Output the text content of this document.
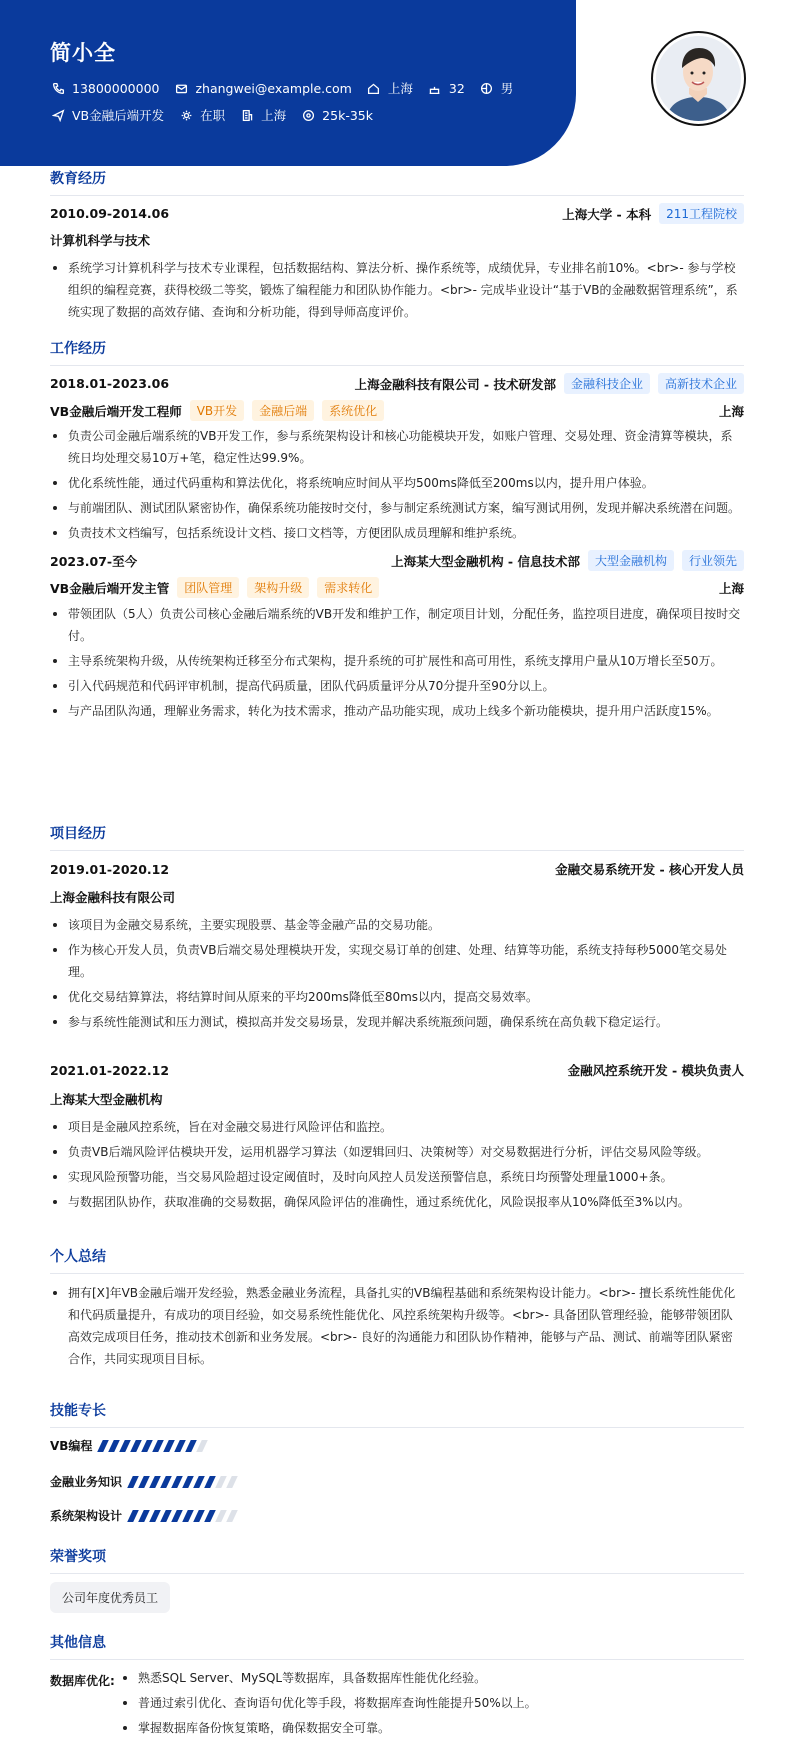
简小全
13800000000	zhangwei@example.com	上海	32	男
VB金融后端开发	在职	上海	25k-35k
教育经历
2010.09-2014.06	上海大学 - 本科	211工程院校
计算机科学与技术
系统学习计算机科学与技术专业课程，包括数据结构、算法分析、操作系统等，成绩优异，专业排名前10%。<br>- 参与学校组织的编程竞赛，获得校级二等奖，锻炼了编程能力和团队协作能力。<br>- 完成毕业设计“基于VB的金融数据管理系统”，系统实现了数据的高效存储、查询和分析功能，得到导师高度评价。
工作经历
2018.01-2023.06	上海金融科技有限公司 - 技术研发部	金融科技企业	高新技术企业
VB金融后端开发工程师	VB开发	金融后端	系统优化	上海
负责公司金融后端系统的VB开发工作，参与系统架构设计和核心功能模块开发，如账户管理、交易处理、资金清算等模块，系统日均处理交易10万+笔，稳定性达99.9%。
优化系统性能，通过代码重构和算法优化，将系统响应时间从平均500ms降低至200ms以内，提升用户体验。
与前端团队、测试团队紧密协作，确保系统功能按时交付，参与制定系统测试方案，编写测试用例，发现并解决系统潜在问题。
负责技术文档编写，包括系统设计文档、接口文档等，方便团队成员理解和维护系统。
2023.07-至今	上海某大型金融机构 - 信息技术部	大型金融机构	行业领先
VB金融后端开发主管	团队管理	架构升级	需求转化	上海
带领团队（5人）负责公司核心金融后端系统的VB开发和维护工作，制定项目计划，分配任务，监控项目进度，确保项目按时交付。
主导系统架构升级，从传统架构迁移至分布式架构，提升系统的可扩展性和高可用性，系统支撑用户量从10万增长至50万。
引入代码规范和代码评审机制，提高代码质量，团队代码质量评分从70分提升至90分以上。
与产品团队沟通，理解业务需求，转化为技术需求，推动产品功能实现，成功上线多个新功能模块，提升用户活跃度15%。
项目经历
2019.01-2020.12	金融交易系统开发 - 核心开发人员
上海金融科技有限公司
该项目为金融交易系统，主要实现股票、基金等金融产品的交易功能。
作为核心开发人员，负责VB后端交易处理模块开发，实现交易订单的创建、处理、结算等功能，系统支持每秒5000笔交易处理。
优化交易结算算法，将结算时间从原来的平均200ms降低至80ms以内，提高交易效率。
参与系统性能测试和压力测试，模拟高并发交易场景，发现并解决系统瓶颈问题，确保系统在高负载下稳定运行。
2021.01-2022.12	金融风控系统开发 - 模块负责人
上海某大型金融机构
项目是金融风控系统，旨在对金融交易进行风险评估和监控。
负责VB后端风险评估模块开发，运用机器学习算法（如逻辑回归、决策树等）对交易数据进行分析，评估交易风险等级。
实现风险预警功能，当交易风险超过设定阈值时，及时向风控人员发送预警信息，系统日均预警处理量1000+条。
与数据团队协作，获取准确的交易数据，确保风险评估的准确性，通过系统优化，风险误报率从10%降低至3%以内。
个人总结
拥有[X]年VB金融后端开发经验，熟悉金融业务流程，具备扎实的VB编程基础和系统架构设计能力。<br>- 擅长系统性能优化和代码质量提升，有成功的项目经验，如交易系统性能优化、风控系统架构升级等。<br>- 具备团队管理经验，能够带领团队高效完成项目任务，推动技术创新和业务发展。<br>- 良好的沟通能力和团队协作精神，能够与产品、测试、前端等团队紧密合作，共同实现项目目标。
技能专长
VB编程
金融业务知识
系统架构设计
荣誉奖项
公司年度优秀员工
其他信息
数据库优化:	熟悉SQL Server、MySQL等数据库，具备数据库性能优化经验。
普通过索引优化、查询语句优化等手段，将数据库查询性能提升50%以上。
掌握数据库备份恢复策略，确保数据安全可靠。
